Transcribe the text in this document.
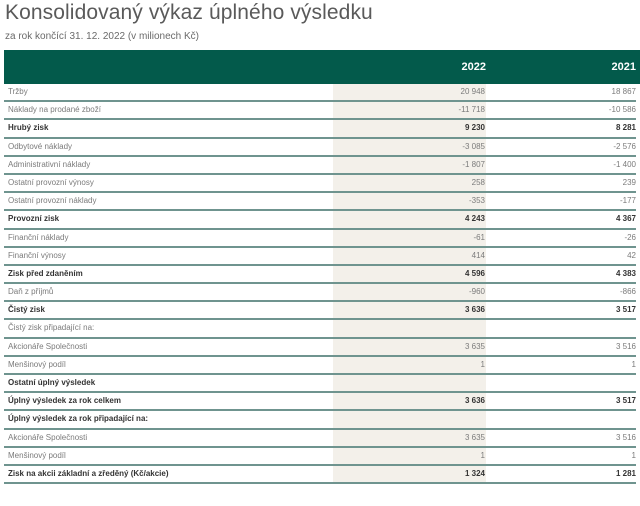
Konsolidovaný výkaz úplného výsledku
za rok končící 31. 12. 2022 (v milionech Kč)
2022	2021
Tržby	20 948	18 867
Náklady na prodané zboží	-11 718	-10 586
Hrubý zisk	9 230	8 281
Odbytové náklady	-3 085	-2 576
Administrativní náklady	-1 807	-1 400
Ostatní provozní výnosy	258	239
Ostatní provozní náklady	-353	-177
Provozní zisk	4 243	4 367
Finanční náklady	-61	-26
Finanční výnosy	414	42
Zisk před zdaněním	4 596	4 383
Daň z příjmů	-960	-866
Čistý zisk	3 636	3 517
Čistý zisk připadající na:
Akcionáře Společnosti	3 635	3 516
Menšinový podíl	1	1
Ostatní úplný výsledek
Úplný výsledek za rok celkem	3 636	3 517
Úplný výsledek za rok připadající na:
Akcionáře Společnosti	3 635	3 516
Menšinový podíl	1	1
Zisk na akcii základní a zředěný (Kč/akcie)	1 324	1 281
